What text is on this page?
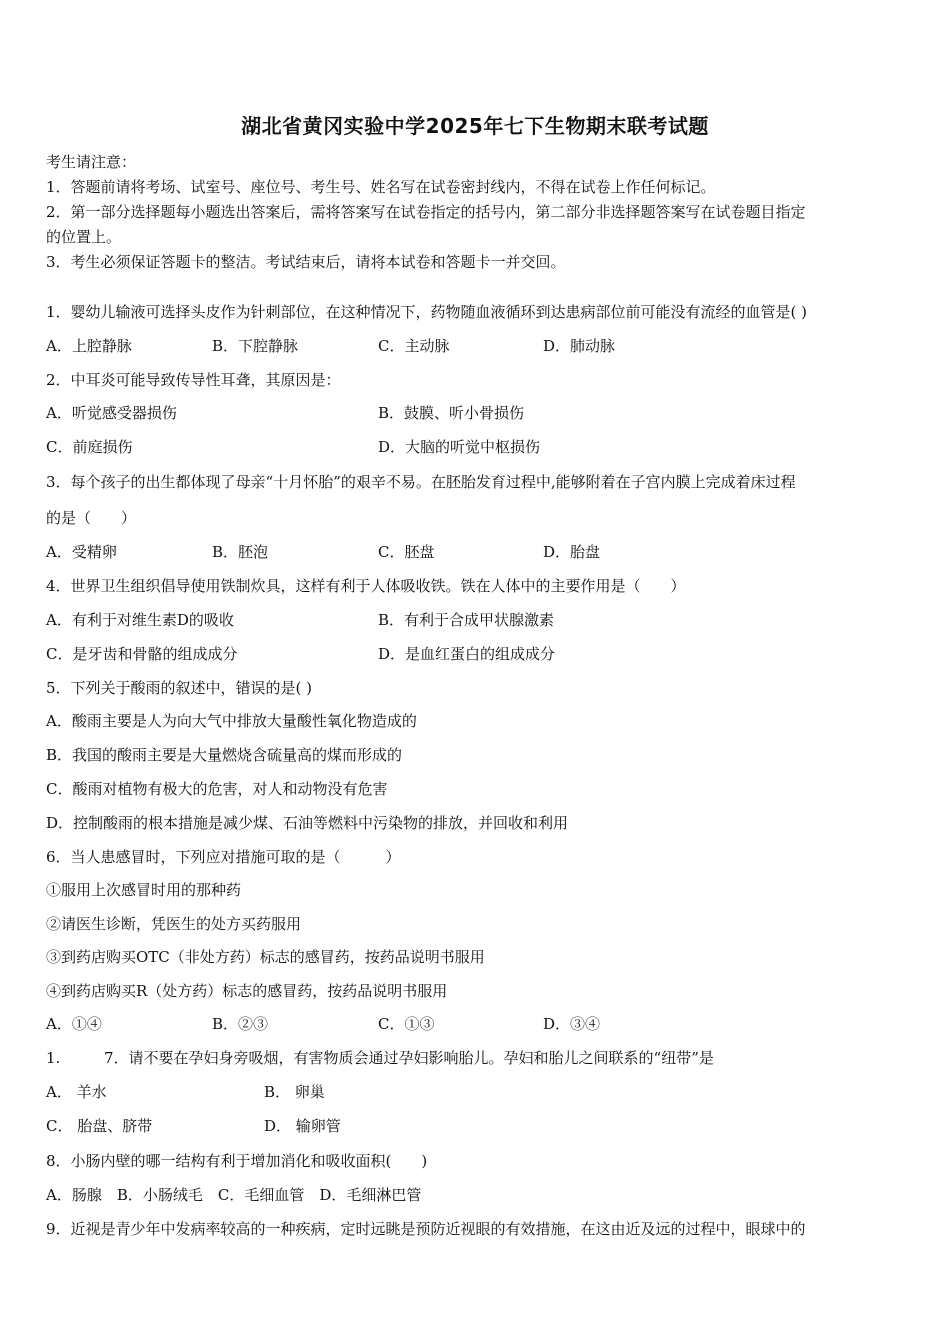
湖北省黄冈实验中学2025年七下生物期末联考试题
考生请注意：
1．答题前请将考场、试室号、座位号、考生号、姓名写在试卷密封线内，不得在试卷上作任何标记。
2．第一部分选择题每小题选出答案后，需将答案写在试卷指定的括号内，第二部分非选择题答案写在试卷题目指定
的位置上。
3．考生必须保证答题卡的整洁。考试结束后，请将本试卷和答题卡一并交回。
1．婴幼儿输液可选择头皮作为针刺部位，在这种情况下，药物随血液循环到达患病部位前可能没有流经的血管是( )
A．上腔静脉	B．下腔静脉	C．主动脉	D．肺动脉
2．中耳炎可能导致传导性耳聋，其原因是：
A．听觉感受器损伤	B．鼓膜、听小骨损伤
C．前庭损伤	D．大脑的听觉中枢损伤
3．每个孩子的出生都体现了母亲“十月怀胎”的艰辛不易。在胚胎发育过程中,能够附着在子宫内膜上完成着床过程
的是（　　）
A．受精卵	B．胚泡	C．胚盘	D．胎盘
4．世界卫生组织倡导使用铁制炊具，这样有利于人体吸收铁。铁在人体中的主要作用是（　　）
A．有利于对维生素D的吸收	B．有利于合成甲状腺激素
C．是牙齿和骨骼的组成成分	D．是血红蛋白的组成成分
5．下列关于酸雨的叙述中，错误的是( )
A．酸雨主要是人为向大气中排放大量酸性氧化物造成的
B．我国的酸雨主要是大量燃烧含硫量高的煤而形成的
C．酸雨对植物有极大的危害，对人和动物没有危害
D．控制酸雨的根本措施是减少煤、石油等燃料中污染物的排放，并回收和利用
6．当人患感冒时，下列应对措施可取的是（　　　）
①服用上次感冒时用的那种药
②请医生诊断，凭医生的处方买药服用
③到药店购买OTC（非处方药）标志的感冒药，按药品说明书服用
④到药店购买R（处方药）标志的感冒药，按药品说明书服用
A．①④	B．②③	C．①③	D．③④
1.	7．请不要在孕妇身旁吸烟，有害物质会通过孕妇影响胎儿。孕妇和胎儿之间联系的“纽带”是
A． 羊水	B． 卵巢
C． 胎盘、脐带	D． 输卵管
8．小肠内壁的哪一结构有利于增加消化和吸收面积(　　)
A．肠腺　B．小肠绒毛　C．毛细血管　D．毛细淋巴管
9．近视是青少年中发病率较高的一种疾病，定时远眺是预防近视眼的有效措施，在这由近及远的过程中，眼球中的
